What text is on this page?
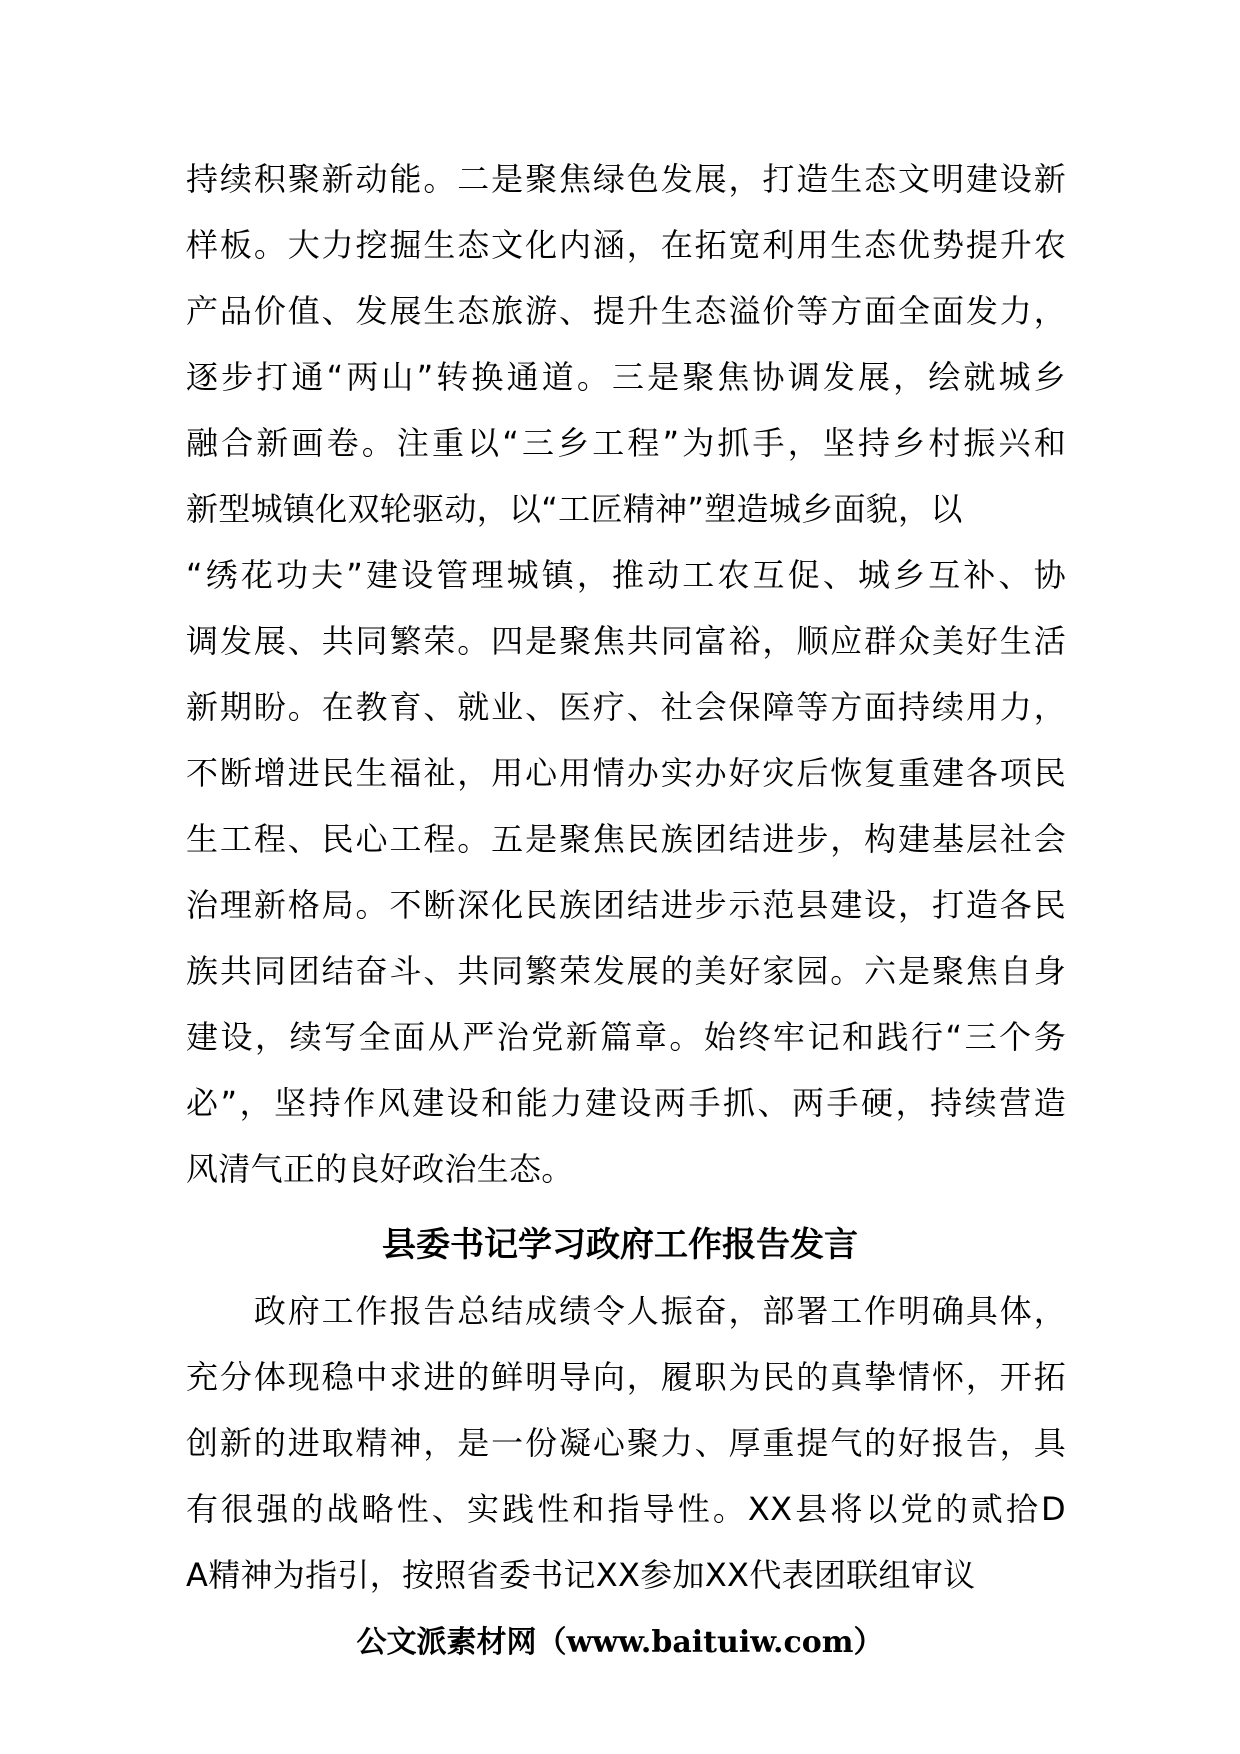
持续积聚新动能。二是聚焦绿色发展，打造生态文明建设新
样板。大力挖掘生态文化内涵，在拓宽利用生态优势提升农
产品价值、发展生态旅游、提升生态溢价等方面全面发力，
逐步打通“两山”转换通道。三是聚焦协调发展，绘就城乡
融合新画卷。注重以“三乡工程”为抓手，坚持乡村振兴和
新型城镇化双轮驱动，以“工匠精神”塑造城乡面貌，以
“绣花功夫”建设管理城镇，推动工农互促、城乡互补、协
调发展、共同繁荣。四是聚焦共同富裕，顺应群众美好生活
新期盼。在教育、就业、医疗、社会保障等方面持续用力，
不断增进民生福祉，用心用情办实办好灾后恢复重建各项民
生工程、民心工程。五是聚焦民族团结进步，构建基层社会
治理新格局。不断深化民族团结进步示范县建设，打造各民
族共同团结奋斗、共同繁荣发展的美好家园。六是聚焦自身
建设，续写全面从严治党新篇章。始终牢记和践行“三个务
必”，坚持作风建设和能力建设两手抓、两手硬，持续营造
风清气正的良好政治生态。
县委书记学习政府工作报告发言
　　政府工作报告总结成绩令人振奋，部署工作明确具体，
充分体现稳中求进的鲜明导向，履职为民的真挚情怀，开拓
创新的进取精神，是一份凝心聚力、厚重提气的好报告，具
有很强的战略性、实践性和指导性。XX县将以党的贰拾D
A精神为指引，按照省委书记XX参加XX代表团联组审议
公文派素材网（www.baituiw.com）
